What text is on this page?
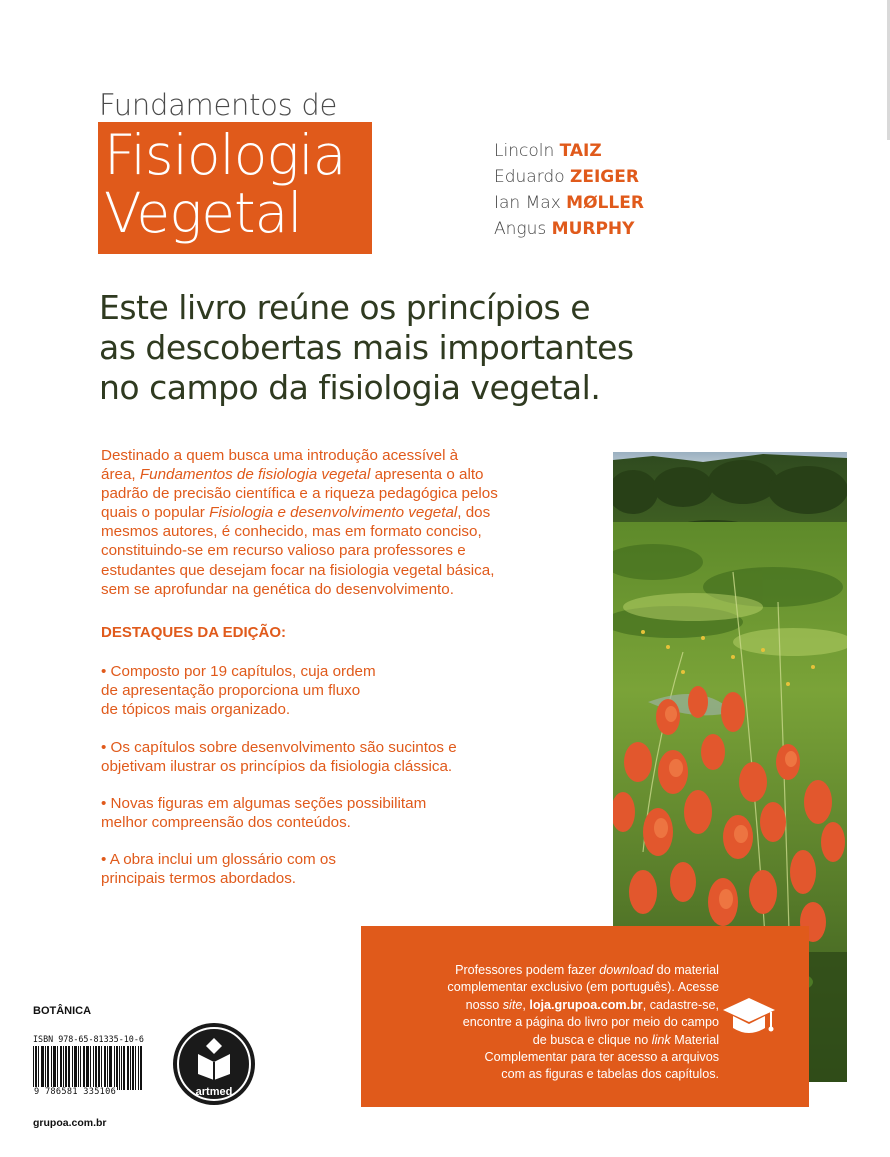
Fundamentos de
Fisiologia
Vegetal
Lincoln TAIZ
Eduardo ZEIGER
Ian Max MØLLER
Angus MURPHY
Este livro reúne os princípios e
as descobertas mais importantes
no campo da fisiologia vegetal.
Destinado a quem busca uma introdução acessível à
área, Fundamentos de fisiologia vegetal apresenta o alto
padrão de precisão científica e a riqueza pedagógica pelos
quais o popular Fisiologia e desenvolvimento vegetal, dos
mesmos autores, é conhecido, mas em formato conciso,
constituindo-se em recurso valioso para professores e
estudantes que desejam focar na fisiologia vegetal básica,
sem se aprofundar na genética do desenvolvimento.
DESTAQUES DA EDIÇÃO:
• Composto por 19 capítulos, cuja ordem
de apresentação proporciona um fluxo
de tópicos mais organizado.
• Os capítulos sobre desenvolvimento são sucintos e
objetivam ilustrar os princípios da fisiologia clássica.
• Novas figuras em algumas seções possibilitam
melhor compreensão dos conteúdos.
• A obra inclui um glossário com os
principais termos abordados.
Professores podem fazer download do material
complementar exclusivo (em português). Acesse
nosso site, loja.grupoa.com.br, cadastre-se,
encontre a página do livro por meio do campo
de busca e clique no link Material
Complementar para ter acesso a arquivos
com as figuras e tabelas dos capítulos.
BOTÂNICA
ISBN 978-65-81335-10-6
9 786581 335106
grupoa.com.br
artmed
